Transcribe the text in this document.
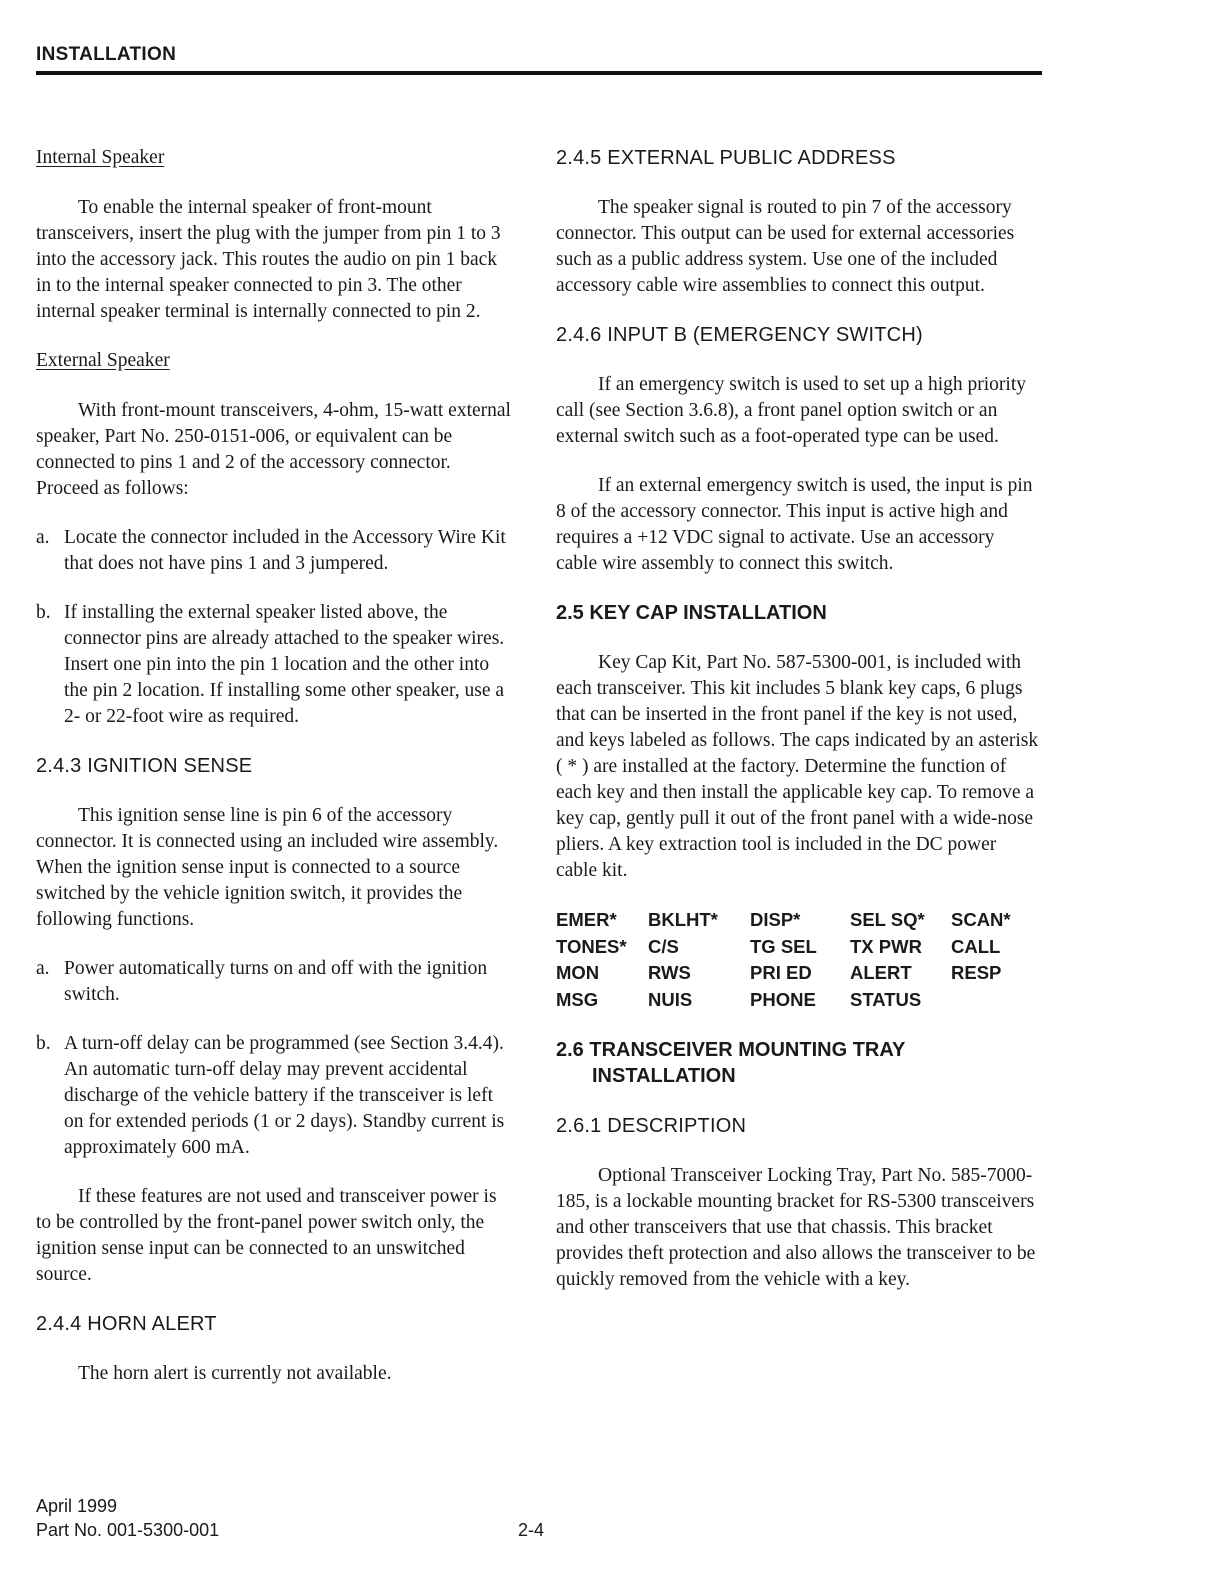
INSTALLATION
Internal Speaker

To enable the internal speaker of front-mount transceivers, insert the plug with the jumper from pin 1 to 3 into the accessory jack. This routes the audio on pin 1 back in to the internal speaker connected to pin 3. The other internal speaker terminal is internally connected to pin 2.

External Speaker

With front-mount transceivers, 4-ohm, 15-watt external speaker, Part No. 250-0151-006, or equivalent can be connected to pins 1 and 2 of the accessory connector. Proceed as follows:

a. Locate the connector included in the Accessory Wire Kit that does not have pins 1 and 3 jumpered.
b. If installing the external speaker listed above, the connector pins are already attached to the speaker wires. Insert one pin into the pin 1 location and the other into the pin 2 location. If installing some other speaker, use a 2- or 22-foot wire as required.
2.4.3 IGNITION SENSE

This ignition sense line is pin 6 of the accessory connector. It is connected using an included wire assembly. When the ignition sense input is connected to a source switched by the vehicle ignition switch, it provides the following functions.

a. Power automatically turns on and off with the ignition switch.
b. A turn-off delay can be programmed (see Section 3.4.4). An automatic turn-off delay may prevent accidental discharge of the vehicle battery if the transceiver is left on for extended periods (1 or 2 days). Standby current is approximately 600 mA.

If these features are not used and transceiver power is to be controlled by the front-panel power switch only, the ignition sense input can be connected to an unswitched source.

2.4.4 HORN ALERT

The horn alert is currently not available.

2.4.5 EXTERNAL PUBLIC ADDRESS

The speaker signal is routed to pin 7 of the accessory connector. This output can be used for external accessories such as a public address system. Use one of the included accessory cable wire assemblies to connect this output.

2.4.6 INPUT B (EMERGENCY SWITCH)

If an emergency switch is used to set up a high priority call (see Section 3.6.8), a front panel option switch or an external switch such as a foot-operated type can be used.

If an external emergency switch is used, the input is pin 8 of the accessory connector. This input is active high and requires a +12 VDC signal to activate. Use an accessory cable wire assembly to connect this switch.

2.5 KEY CAP INSTALLATION

Key Cap Kit, Part No. 587-5300-001, is included with each transceiver. This kit includes 5 blank key caps, 6 plugs that can be inserted in the front panel if the key is not used, and keys labeled as follows. The caps indicated by an asterisk ( * ) are installed at the factory. Determine the function of each key and then install the applicable key cap. To remove a key cap, gently pull it out of the front panel with a wide-nose pliers. A key extraction tool is included in the DC power cable kit.

EMER*	BKLHT*	DISP*	SEL SQ*	SCAN*
TONES*	C/S	TG SEL	TX PWR	CALL
MON	RWS	PRI ED	ALERT	RESP
MSG	NUIS	PHONE	STATUS
2.6 TRANSCEIVER MOUNTING TRAY
INSTALLATION
2.6.1 DESCRIPTION

Optional Transceiver Locking Tray, Part No. 585-7000-185, is a lockable mounting bracket for RS-5300 transceivers and other transceivers that use that chassis. This bracket provides theft protection and also allows the transceiver to be quickly removed from the vehicle with a key.

April 1999
Part No. 001-5300-001	2-4
